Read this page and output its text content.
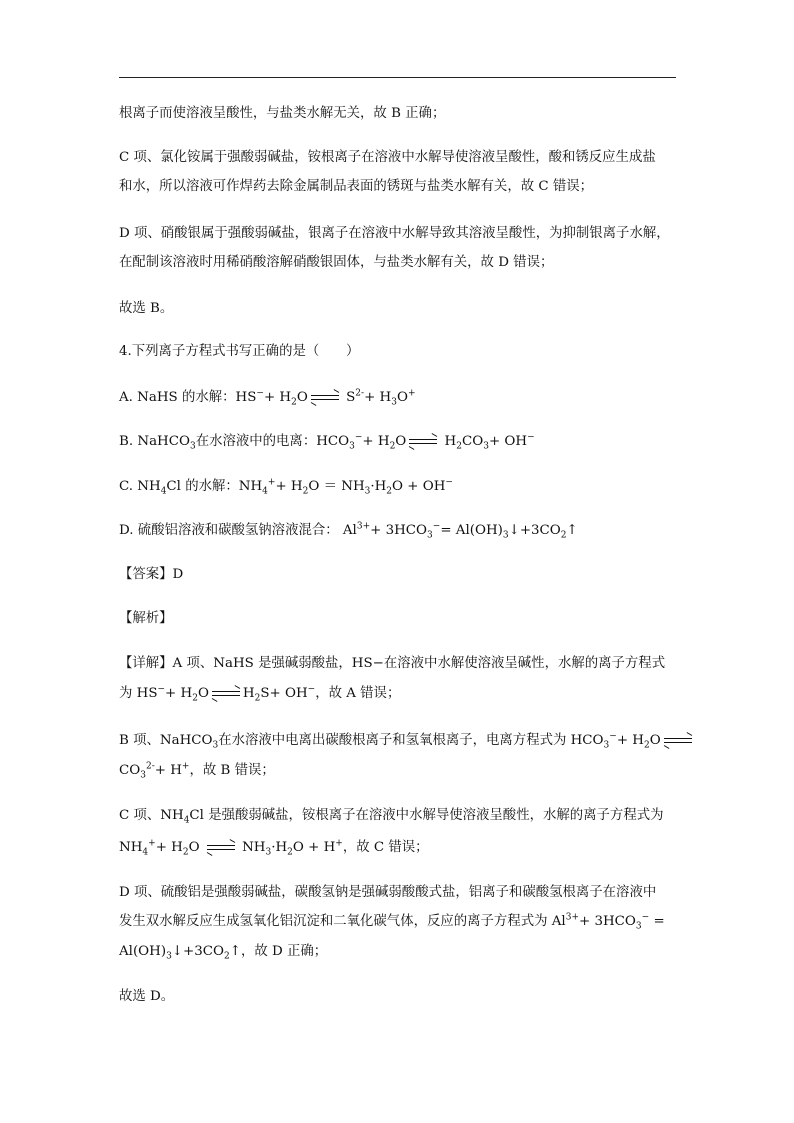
根离子而使溶液呈酸性，与盐类水解无关，故 B 正确；
C 项、氯化铵属于强酸弱碱盐，铵根离子在溶液中水解导使溶液呈酸性，酸和锈反应生成盐
和水，所以溶液可作焊药去除金属制品表面的锈斑与盐类水解有关，故 C 错误；
D 项、硝酸银属于强酸弱碱盐，银离子在溶液中水解导致其溶液呈酸性，为抑制银离子水解，
在配制该溶液时用稀硝酸溶解硝酸银固体，与盐类水解有关，故 D 错误；
故选 B。
4.下列离子方程式书写正确的是（　　）
A. NaHS 的水解：$HS^-+ H_2O$	$S^{2-}+ H_3O^+$
B. NaHCO$_3$在水溶液中的电离：$HCO_3^-+ H_2O$	$H_2CO_3+ OH^-$
C. $NH_4Cl$ 的水解：$NH_4^++ H_2O = NH_3\cdot H_2O + OH^-$
D. 硫酸铝溶液和碳酸氢钠溶液混合： $Al^{3+}+ 3HCO_3^-=$ $Al(OH)_3↓+3CO_2↑$
【答案】D
【解析】
【详解】A 项、NaHS 是强碱弱酸盐，HS−在溶液中水解使溶液呈碱性，水解的离子方程式
为 $HS^-+ H_2O$	$H_2S+ OH^-$，故 A 错误；
B 项、NaHCO$_3$在水溶液中电离出碳酸根离子和氢氧根离子，电离方程式为 $HCO_3^-+ H_2O$
$CO_3^{2-}+ H^+$，故 B 错误；
C 项、$NH_4Cl$ 是强酸弱碱盐，铵根离子在溶液中水解导使溶液呈酸性，水解的离子方程式为
$NH_4^++ H_2O$	$NH_3\cdot H_2O + H^+$，故 C 错误；
D 项、硫酸铝是强酸弱碱盐，碳酸氢钠是强碱弱酸酸式盐，铝离子和碳酸氢根离子在溶液中
发生双水解反应生成氢氧化铝沉淀和二氧化碳气体，反应的离子方程式为 $Al^{3+}+ 3HCO_3^-$ =
$Al(OH)_3↓+3CO_2↑$，故 D 正确；
故选 D。
